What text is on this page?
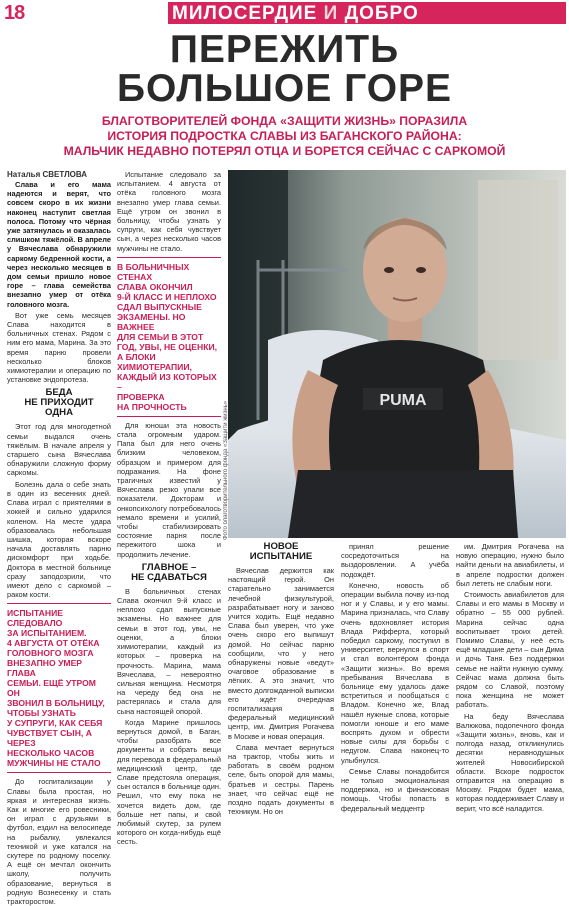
18	МИЛОСЕРДИЕ И ДОБРО
ПЕРЕЖИТЬ
БОЛЬШОЕ ГОРЕ
БЛАГОТВОРИТЕЛЕЙ ФОНДА «ЗАЩИТИ ЖИЗНЬ» ПОРАЗИЛА
ИСТОРИЯ ПОДРОСТКА СЛАВЫ ИЗ БАГАНСКОГО РАЙОНА:
МАЛЬЧИК НЕДАВНО ПОТЕРЯЛ ОТЦА И БОРЕТСЯ СЕЙЧАС С САРКОМОЙ
Наталья СВЕТЛОВА

Слава и его мама надеются и верят, что совсем скоро в их жизни наконец наступит светлая полоса. Потому что чёрная уже затянулась и оказалась слишком тяжёлой. В апреле у Вячеслава обнаружили саркому бедренной кости, а через несколько месяцев в дом семьи пришло новое горе – глава семейства внезапно умер от отёка головного мозга.

Вот уже семь месяцев Слава находится в больничных стенах. Рядом с ним его мама, Марина. За это время парню провели несколько блоков химиотерапии и операцию по установке эндопротеза.

БЕДА
НЕ ПРИХОДИТ
ОДНА

Этот год для многодетной семьи выдался очень тяжёлым. В начале апреля у старшего сына Вячеслава обнаружили сложную форму саркомы.

Болезнь дала о себе знать в один из весенних дней. Слава играл с приятелями в хоккей и сильно ударился коленом. На месте удара образовалась небольшая шишка, которая вскоре начала доставлять парню дискомфорт при ходьбе. Доктора в местной больнице сразу заподозрили, что имеют дело с саркомой – раком кости.

ИСПЫТАНИЕ СЛЕДОВАЛО
ЗА ИСПЫТАНИЕМ.
4 АВГУСТА ОТ ОТЁКА
ГОЛОВНОГО МОЗГА
ВНЕЗАПНО УМЕР ГЛАВА
СЕМЬИ. ЕЩЁ УТРОМ ОН
ЗВОНИЛ В БОЛЬНИЦУ,
ЧТОБЫ УЗНАТЬ
У СУПРУГИ, КАК СЕБЯ
ЧУВСТВУЕТ СЫН, А ЧЕРЕЗ
НЕСКОЛЬКО ЧАСОВ
МУЖЧИНЫ НЕ СТАЛО

До госпитализации у Славы была простая, но яркая и интересная жизнь. Как и многие его ровесники, он играл с друзьями в футбол, ездил на велосипеде на рыбалку, увлекался техникой и уже катался на скутере по родному поселку. А ещё он мечтал окончить школу, получить образование, вернуться в родную Вознесенку и стать тракторостом.

Испытание следовало за испытанием. 4 августа от отёка головного мозга внезапно умер глава семьи. Ещё утром он звонил в больницу, чтобы узнать у супруги, как себя чувствует сын, а через несколько часов мужчины не стало.

В БОЛЬНИЧНЫХ СТЕНАХ
СЛАВА ОКОНЧИЛ
9-Й КЛАСС И НЕПЛОХО
СДАЛ ВЫПУСКНЫЕ
ЭКЗАМЕНЫ. НО ВАЖНЕЕ
ДЛЯ СЕМЬИ В ЭТОТ
ГОД, УВЫ, НЕ ОЦЕНКИ,
А БЛОКИ
ХИМИОТЕРАПИИ,
КАЖДЫЙ ИЗ КОТОРЫХ –
ПРОВЕРКА
НА ПРОЧНОСТЬ

Для юноши эта новость стала огромным ударом. Папа был для него очень близким человеком, образцом и примером для подражания. На фоне трагичных известий у Вячеслава резко упали все показатели. Докторам и онкопсихологу потребовалось немало времени и усилий, чтобы стабилизировать состояние парня после пережитого шока и продолжить лечение.

ГЛАВНОЕ –
НЕ СДАВАТЬСЯ

В больничных стенах Слава окончил 9-й класс и неплохо сдал выпускные экзамены. Но важнее для семьи в этот год, увы, не оценки, а блоки химиотерапии, каждый из которых – проверка на прочность. Марина, мама Вячеслава, – невероятно сильная женщина. Несмотря на череду бед она не растерялась и стала для сына настоящей опорой.

Когда Марине пришлось вернуться домой, в Баган, чтобы разобрать все документы и собрать вещи для перевода в федеральный медицинский центр, где Славе предстояла операция, сын остался в больнице один. Решил, что ему пока не хочется видеть дом, где больше нет папы, и свой любимый скутер, за рулем которого он когда-нибудь ещё сесть.

PUMA
Фото благотворительного фонда «Защити жизнь»
НОВОЕ
ИСПЫТАНИЕ

Вячеслав держится как настоящий герой. Он старательно занимается лечебной физкультурой, разрабатывает ногу и заново учится ходить. Ещё недавно Слава был уверен, что уже очень скоро его выпишут домой. Но сейчас парню сообщили, что у него обнаружены новые «ведут» очаговое образование в лёгких. А это значит, что вместо долгожданной выписки его ждёт очередная госпитализация в федеральный медицинский центр, им. Дмитрия Рогачева в Москве и новая операция.

Слава мечтает вернуться на трактор, чтобы жить и работать в своём родном селе, быть опорой для мамы, братьев и сестры. Парень знает, что сейчас ещё не поздно подать документы в техникум. Но он

принял решение сосредоточиться на выздоровлении. А учёба подождёт.

Конечно, новость об операции выбила почву из-под ног и у Славы, и у его мамы. Марина призналась, что Славу очень вдохновляет история Влада Рифферта, который победил саркому, поступил в университет, вернулся в спорт и стал волонтёром фонда «Защити жизнь». Во время пребывания Вячеслава в больнице ему удалось даже встретиться и пообщаться с Владом. Конечно же, Влад нашёл нужные слова, которые помогли юноше и его маме воспрять духом и обрести новые силы для борьбы с недугом. Слава наконец-то улыбнулся.

Семье Славы понадобится не только эмоциональная поддержка, но и финансовая помощь. Чтобы попасть в федеральный медцентр

им. Дмитрия Рогачева на новую операцию, нужно было найти деньги на авиабилеты, и в апреле подростки должен был лететь не слабым ноги.

Стоимость авиабилетов для Славы и его мамы в Москву и обратно – 55 000 рублей. Марина сейчас одна воспитывает троих детей. Помимо Славы, у неё есть ещё младшие дети – сын Дима и дочь Таня. Без поддержки семье не найти нужную сумму. Сейчас мама должна быть рядом со Славой, поэтому пока женщина не может работать.

На беду Вячеслава Валюкова, подопечного фонда «Защити жизнь», вновь, как и полгода назад, откликнулись десятки неравнодушных жителей Новосибирской области. Вскоре подросток отправится на операцию в Москву. Рядом будет мама, которая поддерживает Славу и верит, что всё наладится.
